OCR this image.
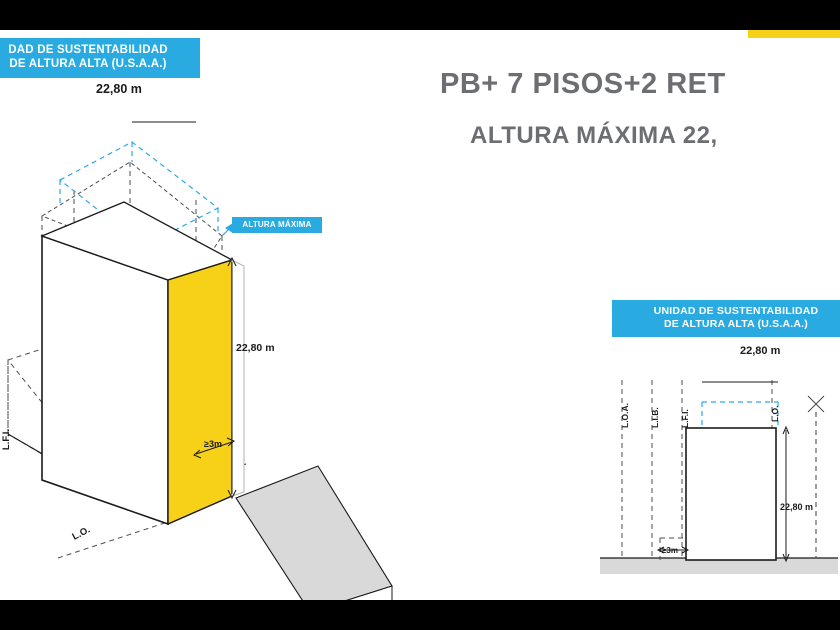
PB+ 7 PISOS+2 RET
ALTURA MÁXIMA 22,
DAD DE SUSTENTABILIDAD
DE ALTURA ALTA (U.S.A.A.)
22,80 m
ALTURA MÁXIMA
22,80 m
≥3m
L.O.
L.F.I.
UNIDAD DE SUSTENTABILIDAD
DE ALTURA ALTA (U.S.A.A.)
22,80 m
L.O.A. L.I.B. L.F.I.	L.O.
22,80 m
≥3m
